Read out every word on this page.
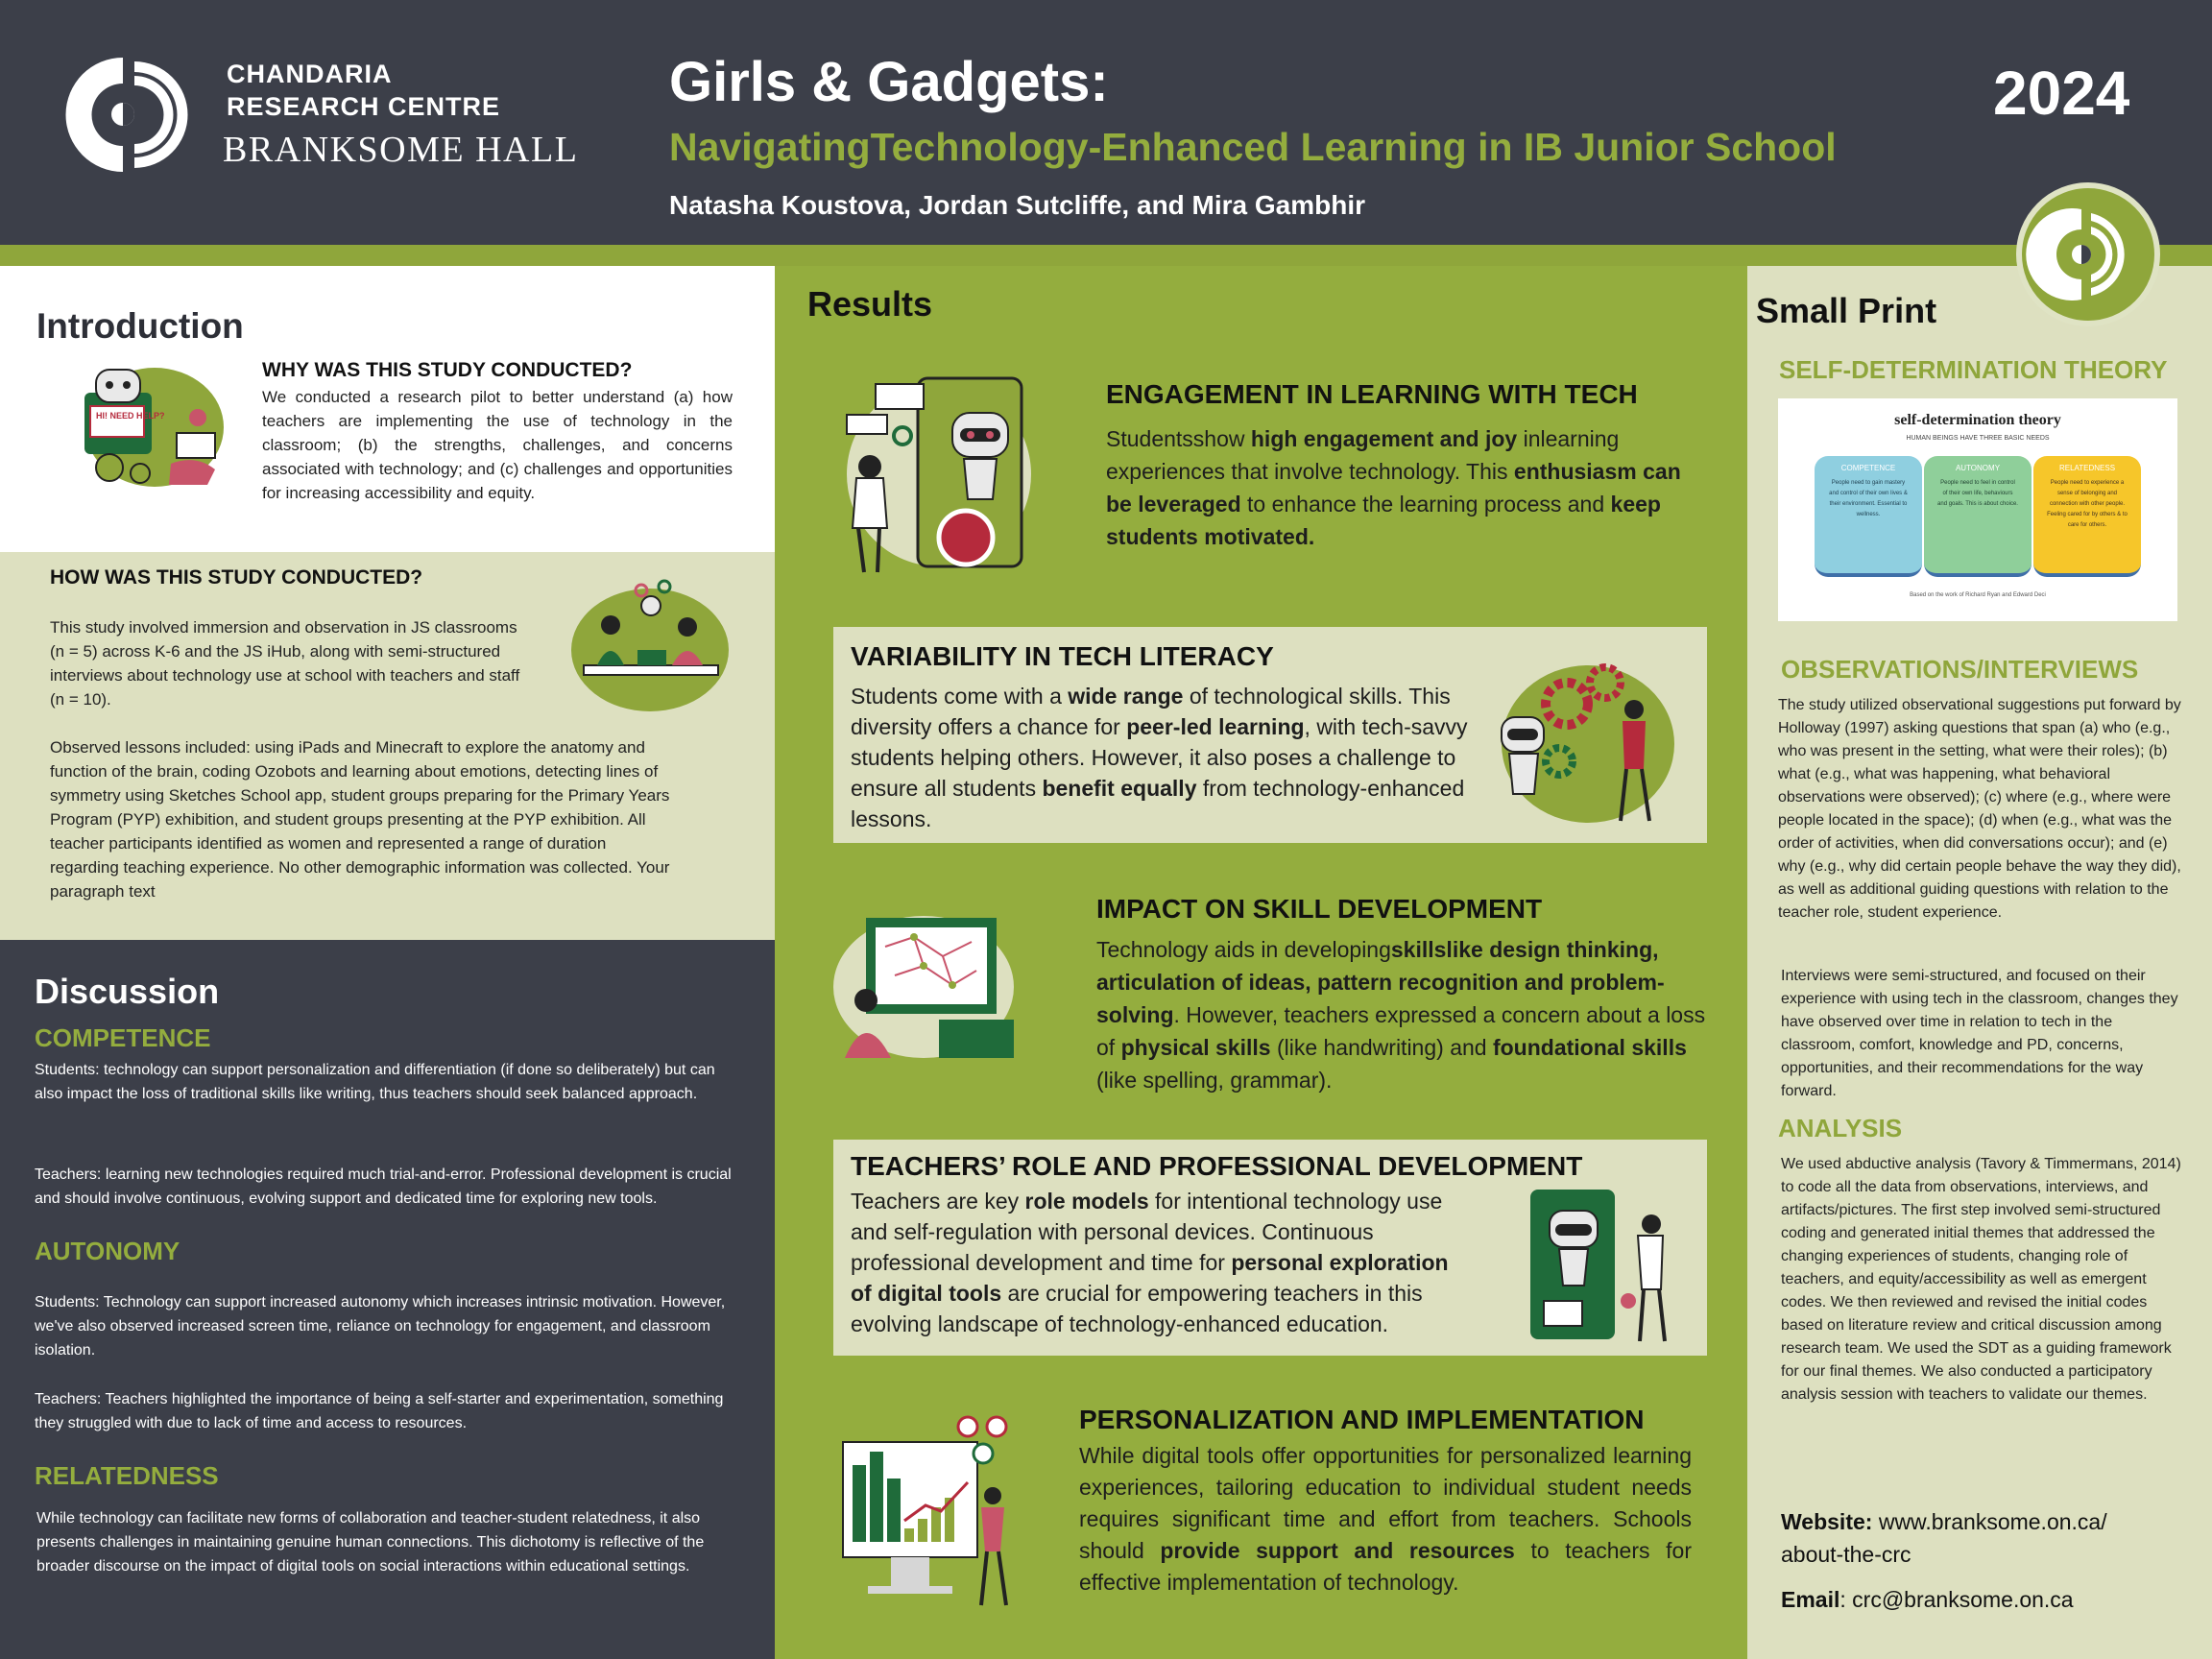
CHANDARIA
RESEARCH CENTRE
BRANKSOME HALL
Girls & Gadgets:
NavigatingTechnology-Enhanced Learning in IB Junior School
Natasha Koustova, Jordan Sutcliffe, and Mira Gambhir
2024
Introduction
HI! NEED HELP?
WHY WAS THIS STUDY CONDUCTED?
We conducted a research pilot to better understand (a) how teachers are implementing the use of technology in the classroom; (b) the strengths, challenges, and concerns associated with technology; and (c) challenges and opportunities for increasing accessibility and equity.
HOW WAS THIS STUDY CONDUCTED?
This study involved immersion and observation in JS classrooms (n = 5) across K-6 and the JS iHub, along with semi-structured interviews about technology use at school with teachers and staff (n = 10).
Observed lessons included: using iPads and Minecraft to explore the anatomy and function of the brain, coding Ozobots and learning about emotions, detecting lines of symmetry using Sketches School app, student groups preparing for the Primary Years Program (PYP) exhibition, and student groups presenting at the PYP exhibition. All teacher participants identified as women and represented a range of duration regarding teaching experience. No other demographic information was collected. Your paragraph text
Discussion
COMPETENCE
Students: technology can support personalization and differentiation (if done so deliberately) but can also impact the loss of traditional skills like writing, thus teachers should seek balanced approach.
Teachers: learning new technologies required much trial-and-error. Professional development is crucial and should involve continuous, evolving support and dedicated time for exploring new tools.
AUTONOMY
Students: Technology can support increased autonomy which increases intrinsic motivation. However, we've also observed increased screen time, reliance on technology for engagement, and classroom isolation.
Teachers: Teachers highlighted the importance of being a self-starter and experimentation, something they struggled with due to lack of time and access to resources.
RELATEDNESS
While technology can facilitate new forms of collaboration and teacher-student relatedness, it also presents challenges in maintaining genuine human connections. This dichotomy is reflective of the broader discourse on the impact of digital tools on social interactions within educational settings.
Results
ENGAGEMENT IN LEARNING WITH TECH
Studentsshow high engagement and joy inlearning experiences that involve technology. This enthusiasm can be leveraged to enhance the learning process and keep students motivated.
VARIABILITY IN TECH LITERACY
Students come with a wide range of technological skills. This diversity offers a chance for peer-led learning, with tech-savvy students helping others. However, it also poses a challenge to ensure all students benefit equally from technology-enhanced lessons.
IMPACT ON SKILL DEVELOPMENT
Technology aids in developingskillslike design thinking, articulation of ideas, pattern recognition and problem-solving. However, teachers expressed a concern about a loss of physical skills (like handwriting) and foundational skills (like spelling, grammar).
TEACHERS’ ROLE AND PROFESSIONAL DEVELOPMENT
Teachers are key role models for intentional technology use and self-regulation with personal devices. Continuous professional development and time for personal exploration of digital tools are crucial for empowering teachers in this evolving landscape of technology-enhanced education.
PERSONALIZATION AND IMPLEMENTATION
While digital tools offer opportunities for personalized learning experiences, tailoring education to individual student needs requires significant time and effort from teachers. Schools should provide support and resources to teachers for effective implementation of technology.
Small Print
SELF-DETERMINATION THEORY
self-determination theory
HUMAN BEINGS HAVE THREE BASIC NEEDS
COMPETENCE
People need to gain mastery and control of their own lives & their environment. Essential to wellness.
AUTONOMY
People need to feel in control of their own life, behaviours and goals. This is about choice.
RELATEDNESS
People need to experience a sense of belonging and connection with other people. Feeling cared for by others & to care for others.
Based on the work of Richard Ryan and Edward Deci
OBSERVATIONS/INTERVIEWS
The study utilized observational suggestions put forward by Holloway (1997) asking questions that span (a) who (e.g., who was present in the setting, what were their roles); (b) what (e.g., what was happening, what behavioral observations were observed); (c) where (e.g., where were people located in the space); (d) when (e.g., what was the order of activities, when did conversations occur); and (e) why (e.g., why did certain people behave the way they did), as well as additional guiding questions with relation to the teacher role, student experience.
Interviews were semi-structured, and focused on their experience with using tech in the classroom, changes they have observed over time in relation to tech in the classroom, comfort, knowledge and PD, concerns, opportunities, and their recommendations for the way forward.
ANALYSIS
We used abductive analysis (Tavory & Timmermans, 2014) to code all the data from observations, interviews, and artifacts/pictures. The first step involved semi-structured coding and generated initial themes that addressed the changing experiences of students, changing role of teachers, and equity/accessibility as well as emergent codes. We then reviewed and revised the initial codes based on literature review and critical discussion among research team. We used the SDT as a guiding framework for our final themes. We also conducted a participatory analysis session with teachers to validate our themes.
Website: www.branksome.on.ca/
about-the-crc
Email: crc@branksome.on.ca
